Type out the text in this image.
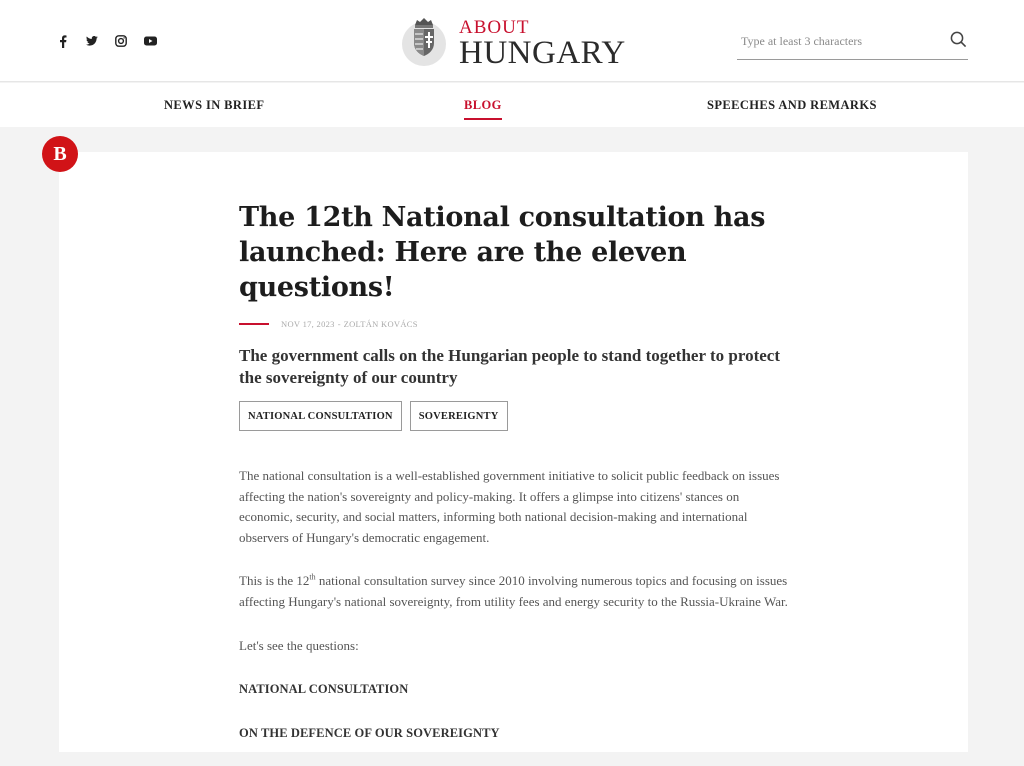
ABOUT
HUNGARY
Type at least 3 characters
NEWS IN BRIEF	BLOG	SPEECHES AND REMARKS
B
The 12th National consultation has launched: Here are the eleven questions!
NOV 17, 2023 - ZOLTÁN KOVÁCS
The government calls on the Hungarian people to stand together to protect the sovereignty of our country
NATIONAL CONSULTATION	SOVEREIGNTY

The national consultation is a well-established government initiative to solicit public feedback on issues affecting the nation's sovereignty and policy-making. It offers a glimpse into citizens' stances on economic, security, and social matters, informing both national decision-making and international observers of Hungary's democratic engagement.

This is the 12th national consultation survey since 2010 involving numerous topics and focusing on issues affecting Hungary's national sovereignty, from utility fees and energy security to the Russia-Ukraine War.

Let's see the questions:

NATIONAL CONSULTATION

ON THE DEFENCE OF OUR SOVEREIGNTY
